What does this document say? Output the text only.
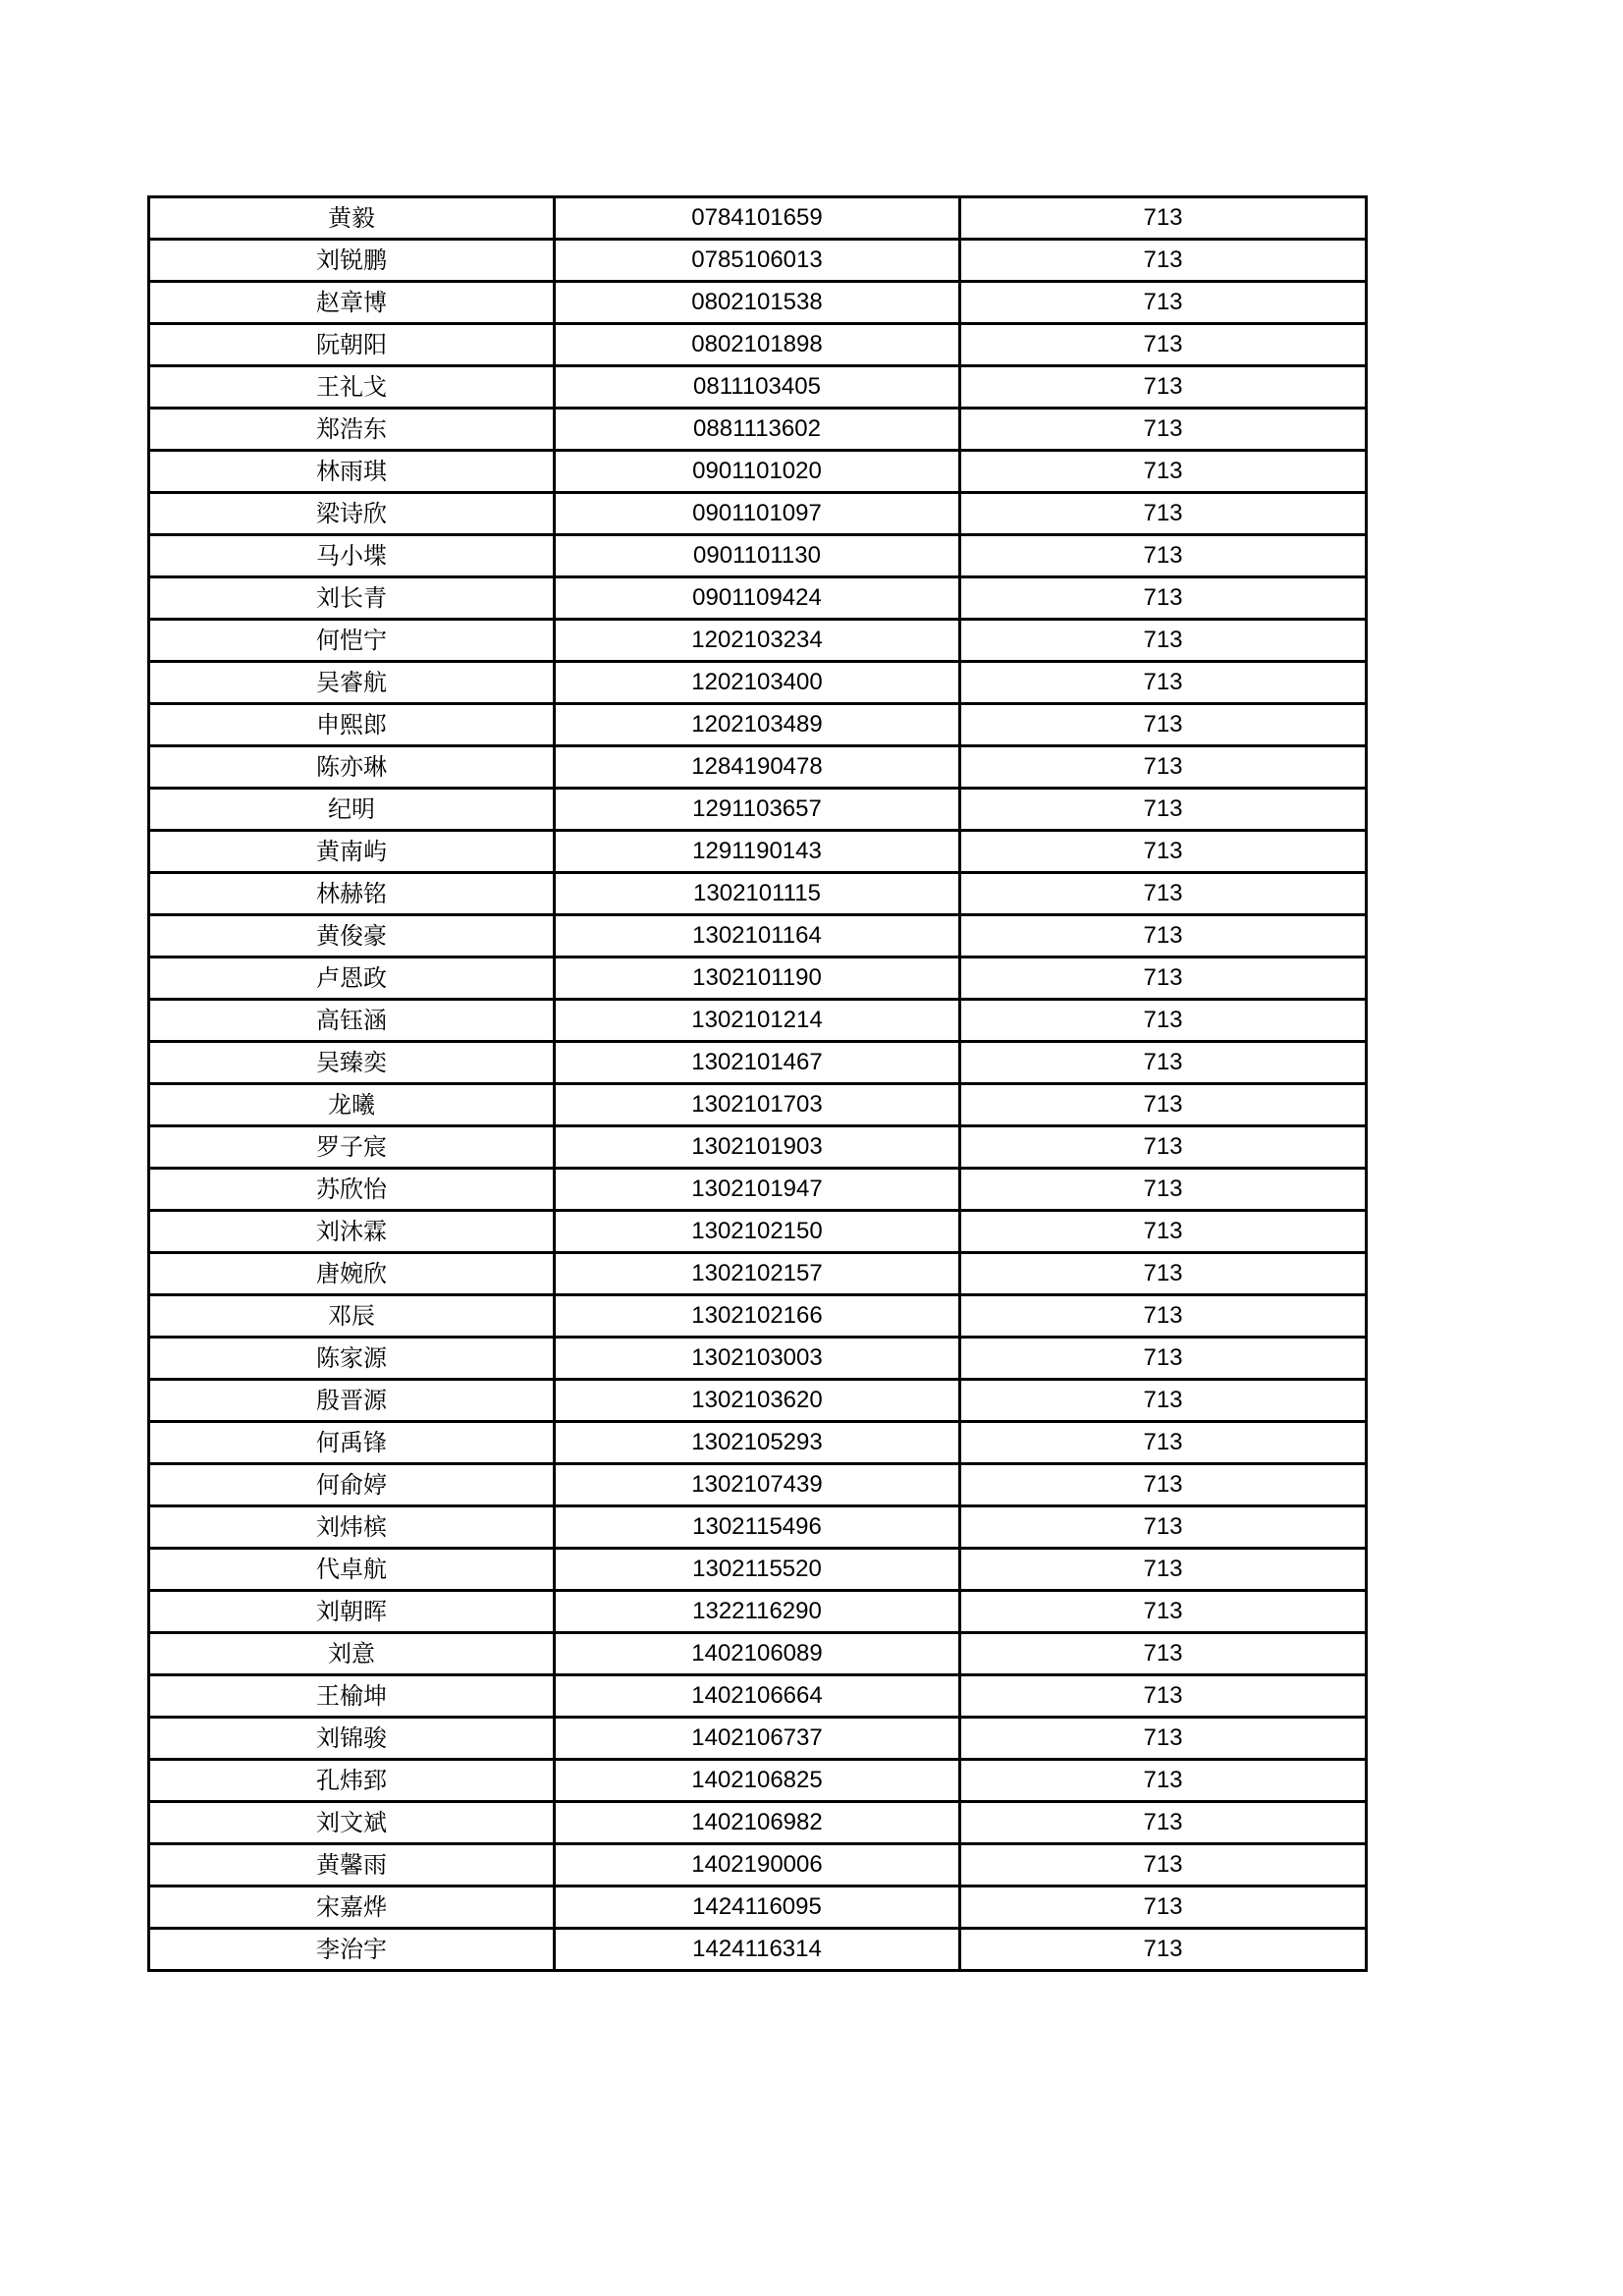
黄毅	0784101659	713
刘锐鹏	0785106013	713
赵章博	0802101538	713
阮朝阳	0802101898	713
王礼戈	0811103405	713
郑浩东	0881113602	713
林雨琪	0901101020	713
梁诗欣	0901101097	713
马小堞	0901101130	713
刘长青	0901109424	713
何恺宁	1202103234	713
吴睿航	1202103400	713
申熙郎	1202103489	713
陈亦琳	1284190478	713
纪明	1291103657	713
黄南屿	1291190143	713
林赫铭	1302101115	713
黄俊豪	1302101164	713
卢恩政	1302101190	713
高钰涵	1302101214	713
吴臻奕	1302101467	713
龙曦	1302101703	713
罗子宸	1302101903	713
苏欣怡	1302101947	713
刘沐霖	1302102150	713
唐婉欣	1302102157	713
邓辰	1302102166	713
陈家源	1302103003	713
殷晋源	1302103620	713
何禹锋	1302105293	713
何俞婷	1302107439	713
刘炜槟	1302115496	713
代卓航	1302115520	713
刘朝晖	1322116290	713
刘意	1402106089	713
王榆坤	1402106664	713
刘锦骏	1402106737	713
孔炜郅	1402106825	713
刘文斌	1402106982	713
黄馨雨	1402190006	713
宋嘉烨	1424116095	713
李治宇	1424116314	713
